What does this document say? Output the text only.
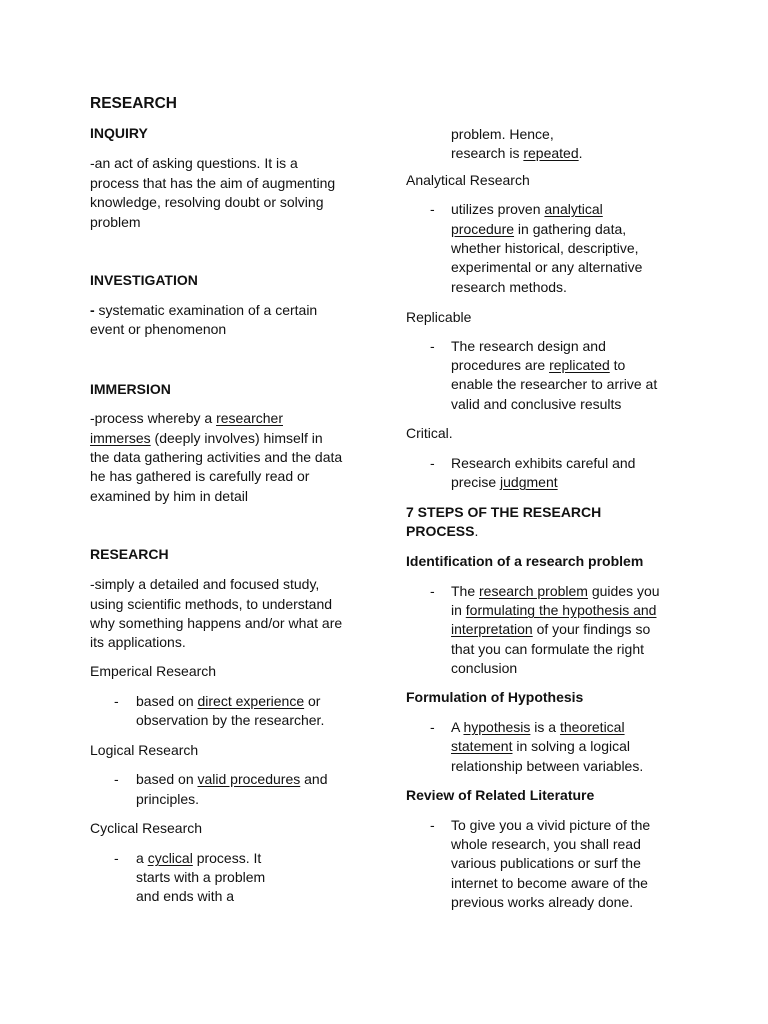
RESEARCH
INQUIRY
-an act of asking questions. It is a
process that has the aim of augmenting
knowledge, resolving doubt or solving
problem
INVESTIGATION
- systematic examination of a certain
event or phenomenon
IMMERSION
-process whereby a researcher
immerses (deeply involves) himself in
the data gathering activities and the data
he has gathered is carefully read or
examined by him in detail
RESEARCH
-simply a detailed and focused study,
using scientific methods, to understand
why something happens and/or what are
its applications.
Emperical Research
- based on direct experience or
observation by the researcher.
Logical Research
- based on valid procedures and
principles.
Cyclical Research
- a cyclical process. It
starts with a problem
and ends with a
problem. Hence,
research is repeated.
Analytical Research
- utilizes proven analytical
procedure in gathering data,
whether historical, descriptive,
experimental or any alternative
research methods.
Replicable
- The research design and
procedures are replicated to
enable the researcher to arrive at
valid and conclusive results
Critical.
- Research exhibits careful and
precise judgment
7 STEPS OF THE RESEARCH
PROCESS.
Identification of a research problem
- The research problem guides you
in formulating the hypothesis and
interpretation of your findings so
that you can formulate the right
conclusion
Formulation of Hypothesis
- A hypothesis is a theoretical
statement in solving a logical
relationship between variables.
Review of Related Literature
- To give you a vivid picture of the
whole research, you shall read
various publications or surf the
internet to become aware of the
previous works already done.
